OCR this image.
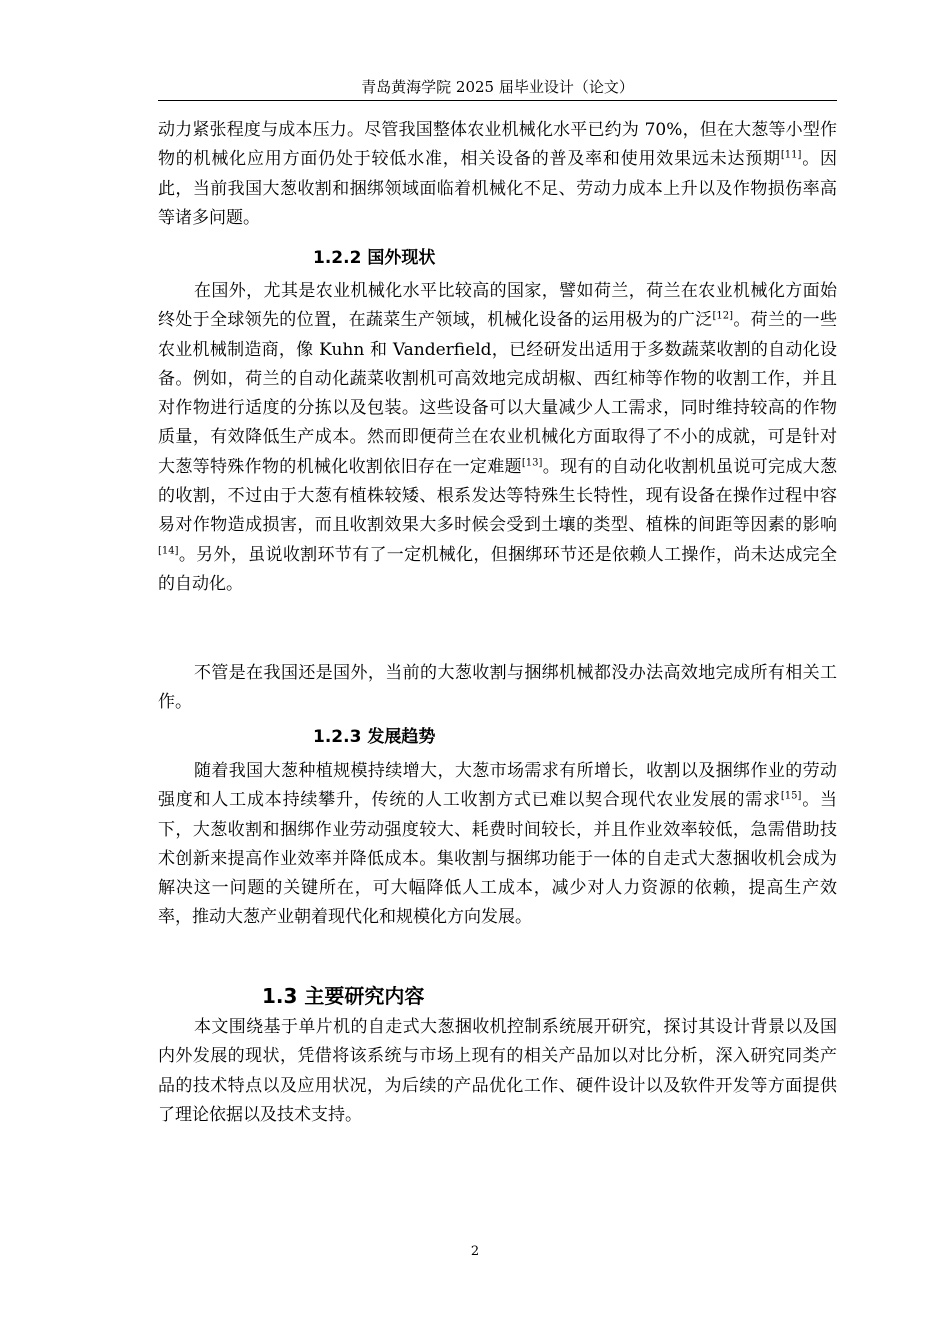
青岛黄海学院 2025 届毕业设计（论文）

动力紧张程度与成本压力。尽管我国整体农业机械化水平已约为 70%，但在大葱等小型作物的机械化应用方面仍处于较低水准，相关设备的普及率和使用效果远未达预期[11]。因此，当前我国大葱收割和捆绑领域面临着机械化不足、劳动力成本上升以及作物损伤率高等诸多问题。

1.2.2 国外现状

在国外，尤其是农业机械化水平比较高的国家，譬如荷兰，荷兰在农业机械化方面始终处于全球领先的位置，在蔬菜生产领域，机械化设备的运用极为的广泛[12]。荷兰的一些农业机械制造商，像 Kuhn 和 Vanderfield，已经研发出适用于多数蔬菜收割的自动化设备。例如，荷兰的自动化蔬菜收割机可高效地完成胡椒、西红柿等作物的收割工作，并且对作物进行适度的分拣以及包装。这些设备可以大量减少人工需求，同时维持较高的作物质量，有效降低生产成本。然而即便荷兰在农业机械化方面取得了不小的成就，可是针对大葱等特殊作物的机械化收割依旧存在一定难题[13]。现有的自动化收割机虽说可完成大葱的收割，不过由于大葱有植株较矮、根系发达等特殊生长特性，现有设备在操作过程中容易对作物造成损害，而且收割效果大多时候会受到土壤的类型、植株的间距等因素的影响[14]。另外，虽说收割环节有了一定机械化，但捆绑环节还是依赖人工操作，尚未达成完全的自动化。

不管是在我国还是国外，当前的大葱收割与捆绑机械都没办法高效地完成所有相关工作。

1.2.3 发展趋势

随着我国大葱种植规模持续增大，大葱市场需求有所增长，收割以及捆绑作业的劳动强度和人工成本持续攀升，传统的人工收割方式已难以契合现代农业发展的需求[15]。当下，大葱收割和捆绑作业劳动强度较大、耗费时间较长，并且作业效率较低，急需借助技术创新来提高作业效率并降低成本。集收割与捆绑功能于一体的自走式大葱捆收机会成为解决这一问题的关键所在，可大幅降低人工成本，减少对人力资源的依赖，提高生产效率，推动大葱产业朝着现代化和规模化方向发展。

1.3 主要研究内容

本文围绕基于单片机的自走式大葱捆收机控制系统展开研究，探讨其设计背景以及国内外发展的现状，凭借将该系统与市场上现有的相关产品加以对比分析，深入研究同类产品的技术特点以及应用状况，为后续的产品优化工作、硬件设计以及软件开发等方面提供了理论依据以及技术支持。

2
